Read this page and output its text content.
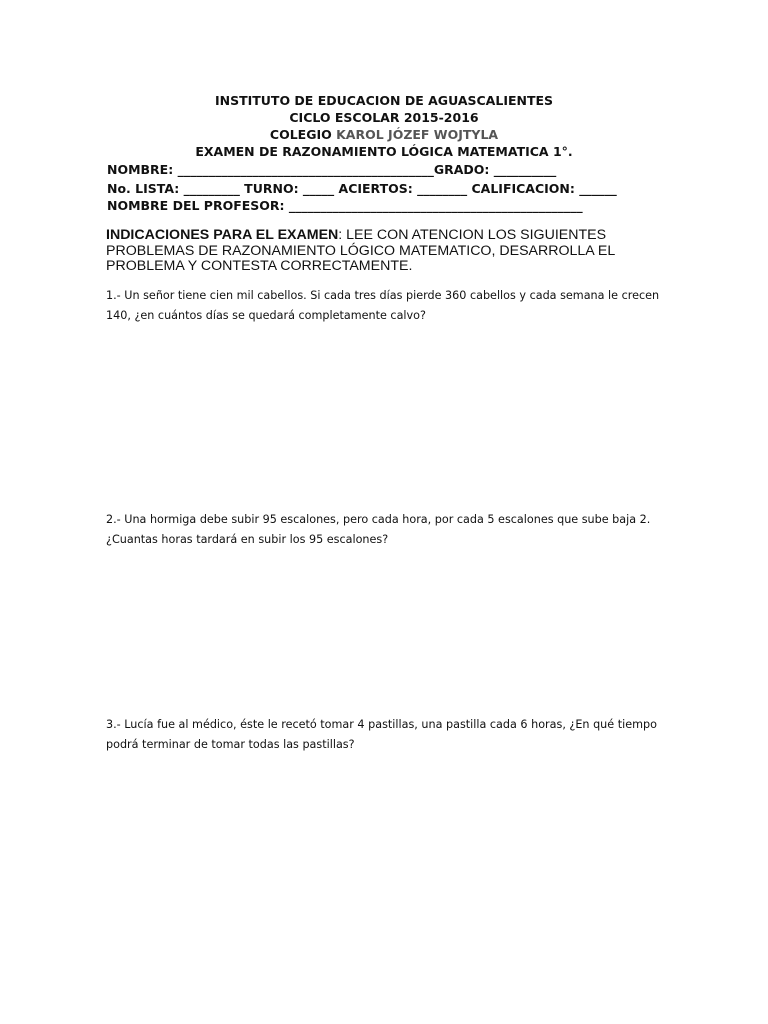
INSTITUTO DE EDUCACION DE AGUASCALIENTES
CICLO ESCOLAR 2015-2016
COLEGIO KAROL JÓZEF WOJTYLA
EXAMEN DE RAZONAMIENTO LÓGICA MATEMATICA 1°.
NOMBRE: _________________________________________GRADO: __________
No. LISTA: _________ TURNO: _____ ACIERTOS: ________ CALIFICACION: ______
NOMBRE DEL PROFESOR: _______________________________________________
INDICACIONES PARA EL EXAMEN: LEE CON ATENCION LOS SIGUIENTES PROBLEMAS DE RAZONAMIENTO LÓGICO MATEMATICO, DESARROLLA EL PROBLEMA Y CONTESTA CORRECTAMENTE.
1.- Un señor tiene cien mil cabellos. Si cada tres días pierde 360 cabellos y cada semana le crecen 140, ¿en cuántos días se quedará completamente calvo?
2.- Una hormiga debe subir 95 escalones, pero cada hora, por cada 5 escalones que sube baja 2. ¿Cuantas horas tardará en subir los 95 escalones?
3.- Lucía fue al médico, éste le recetó tomar 4 pastillas, una pastilla cada 6 horas, ¿En qué tiempo podrá terminar de tomar todas las pastillas?
